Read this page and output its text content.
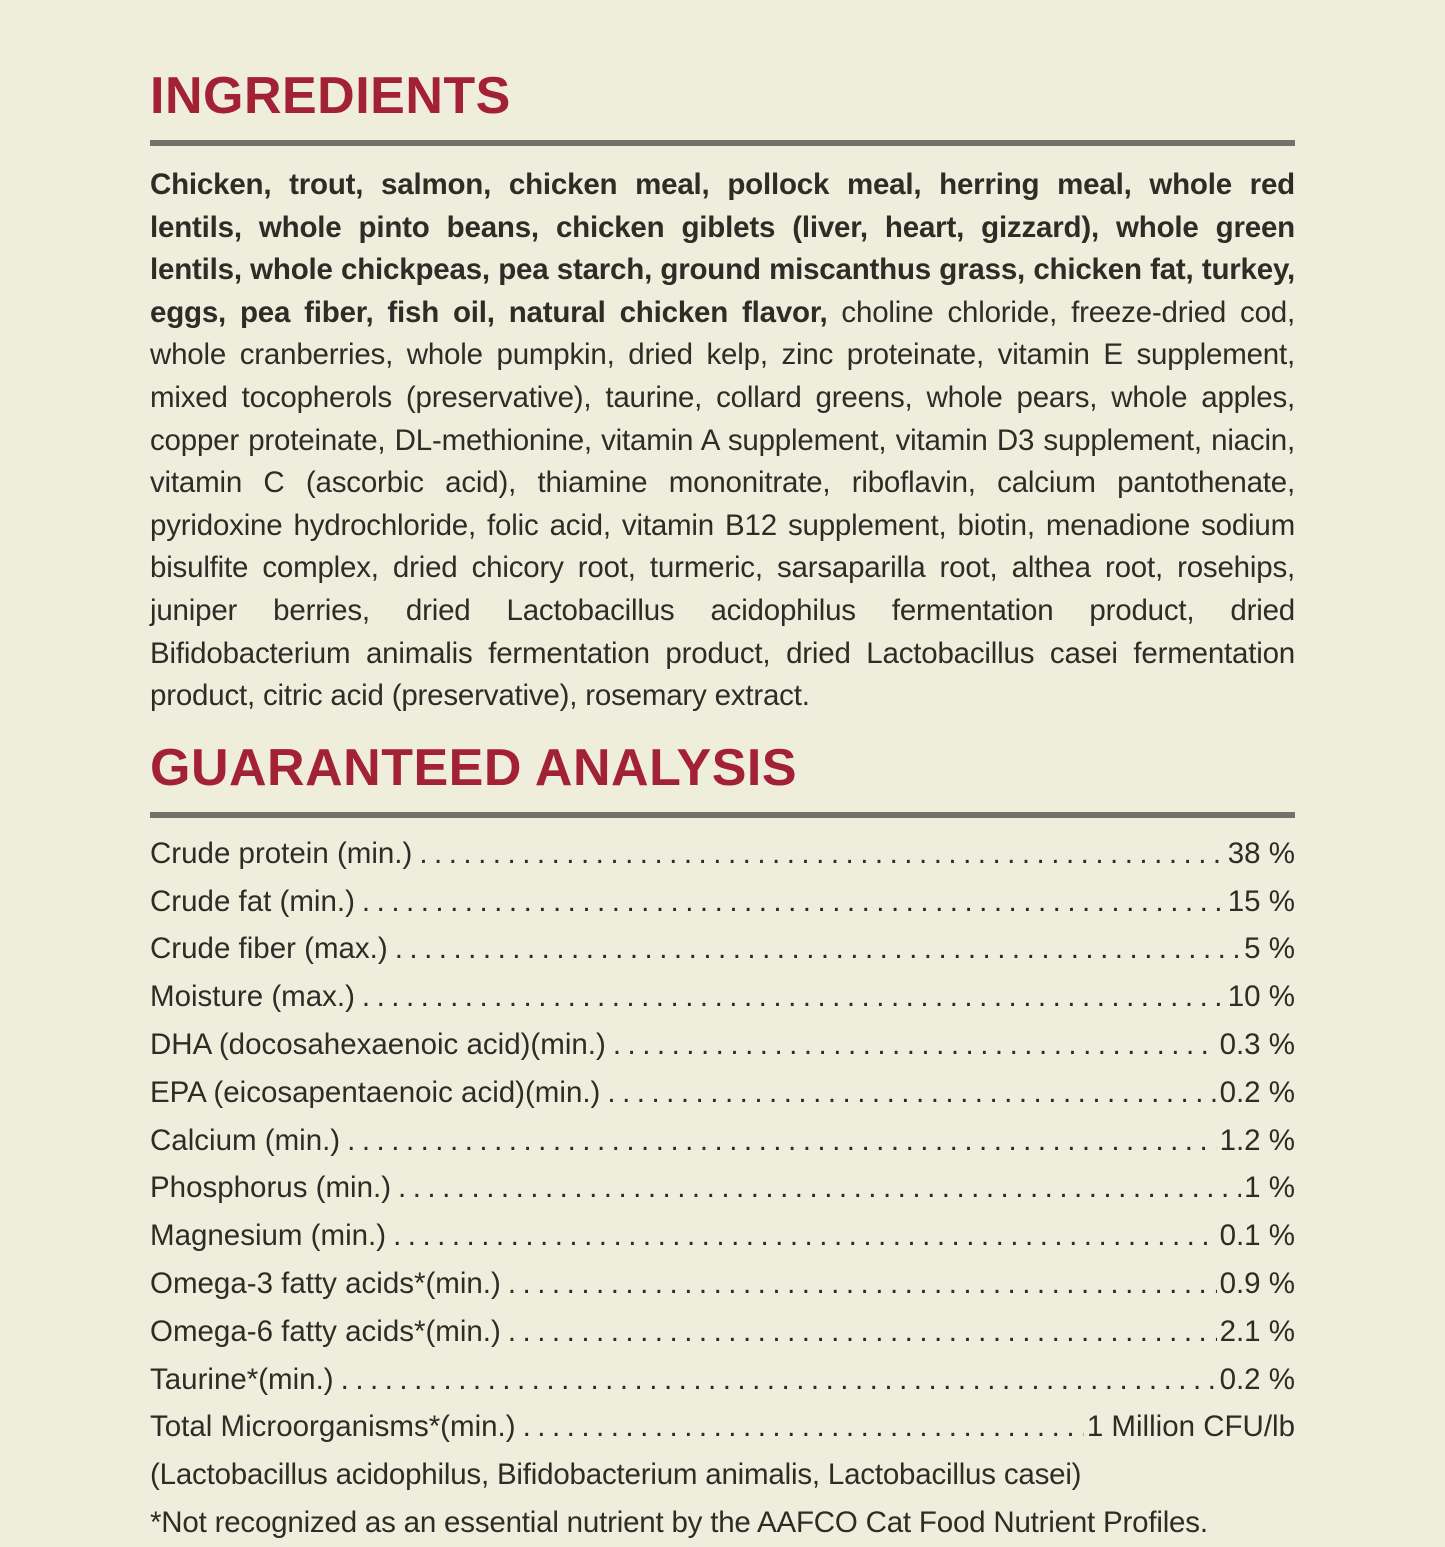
INGREDIENTS

Chicken, trout, salmon, chicken meal, pollock meal, herring meal, whole red lentils, whole pinto beans, chicken giblets (liver, heart, gizzard), whole green lentils, whole chickpeas, pea starch, ground miscanthus grass, chicken fat, turkey, eggs, pea fiber, fish oil, natural chicken flavor, choline chloride, freeze-dried cod, whole cranberries, whole pumpkin, dried kelp, zinc proteinate, vitamin E supplement, mixed tocopherols (preservative), taurine, collard greens, whole pears, whole apples, copper proteinate, DL-methionine, vitamin A supplement, vitamin D3 supplement, niacin, vitamin C (ascorbic acid), thiamine mononitrate, riboflavin, calcium pantothenate, pyridoxine hydrochloride, folic acid, vitamin B12 supplement, biotin, menadione sodium bisulfite complex, dried chicory root, turmeric, sarsaparilla root, althea root, rosehips, juniper berries, dried Lactobacillus acidophilus fermentation product, dried Bifidobacterium animalis fermentation product, dried Lactobacillus casei fermentation product, citric acid (preservative), rosemary extract.

GUARANTEED ANALYSIS
Crude protein (min.) .....	38 %
Crude fat (min.) .....	15 %
Crude fiber (max.) .....	5 %
Moisture (max.) .....	10 %
DHA (docosahexaenoic acid)(min.) .....	0.3 %
EPA (eicosapentaenoic acid)(min.) .....	0.2 %
Calcium (min.) .....	1.2 %
Phosphorus (min.) .....	1 %
Magnesium (min.) .....	0.1 %
Omega-3 fatty acids*(min.) .....	0.9 %
Omega-6 fatty acids*(min.) .....	2.1 %
Taurine*(min.) .....	0.2 %
Total Microorganisms*(min.) .....	1 Million CFU/lb

(Lactobacillus acidophilus, Bifidobacterium animalis, Lactobacillus casei)

*Not recognized as an essential nutrient by the AAFCO Cat Food Nutrient Profiles.
